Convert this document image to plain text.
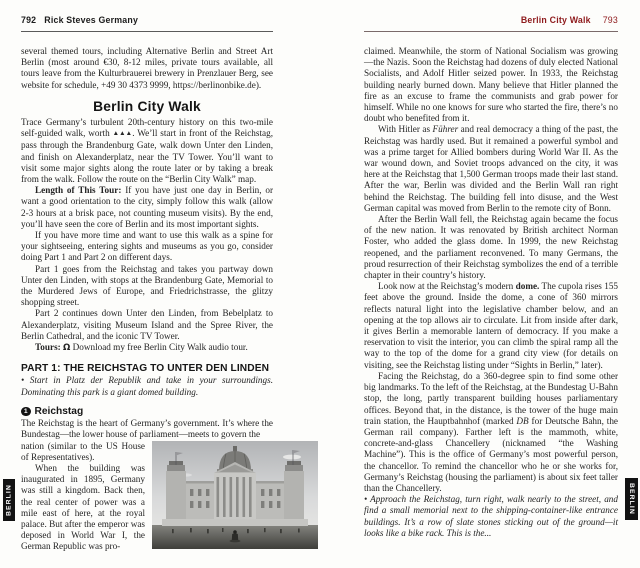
792 Rick Steves Germany

several themed tours, including Alternative Berlin and Street Art Berlin (most around €30, 8-12 miles, private tours available, all tours leave from the Kulturbrauerei brewery in Prenzlauer Berg, see website for schedule, +49 30 4373 9999, https://berlinonbike.de).

Berlin City Walk

Trace Germany’s turbulent 20th-century history on this two-mile self-guided walk, worth ▲▲▲. We’ll start in front of the Reichstag, pass through the Brandenburg Gate, walk down Unter den Linden, and finish on Alexanderplatz, near the TV Tower. You’ll want to visit some major sights along the route later or by taking a break from the walk. Follow the route on the “Berlin City Walk” map.

Length of This Tour: If you have just one day in Berlin, or want a good orientation to the city, simply follow this walk (allow 2-3 hours at a brisk pace, not counting museum visits). By the end, you’ll have seen the core of Berlin and its most important sights.

If you have more time and want to use this walk as a spine for your sightseeing, entering sights and museums as you go, consider doing Part 1 and Part 2 on different days.

Part 1 goes from the Reichstag and takes you partway down Unter den Linden, with stops at the Brandenburg Gate, Memorial to the Murdered Jews of Europe, and Friedrichstrasse, the glitzy shopping street.

Part 2 continues down Unter den Linden, from Bebelplatz to Alexanderplatz, visiting Museum Island and the Spree River, the Berlin Cathedral, and the iconic TV Tower.

Tours: Ω Download my free Berlin City Walk audio tour.

PART 1: THE REICHSTAG TO UNTER DEN LINDEN

• Start in Platz der Republik and take in your surroundings. Dominating this park is a giant domed building.

1 Reichstag

The Reichstag is the heart of Germany’s government. It’s where the Bundestag—the lower house of parliament—meets to govern the

nation (similar to the US House of Representatives).

When the building was inaugurated in 1895, Germany was still a kingdom. Back then, the real center of power was a mile east of here, at the royal palace. But after the emperor was deposed in World War I, the German Republic was pro-

Berlin City Walk 793

claimed. Meanwhile, the storm of National Socialism was growing—the Nazis. Soon the Reichstag had dozens of duly elected National Socialists, and Adolf Hitler seized power. In 1933, the Reichstag building nearly burned down. Many believe that Hitler planned the fire as an excuse to frame the communists and grab power for himself. While no one knows for sure who started the fire, there’s no doubt who benefited from it.

With Hitler as Führer and real democracy a thing of the past, the Reichstag was hardly used. But it remained a powerful symbol and was a prime target for Allied bombers during World War II. As the war wound down, and Soviet troops advanced on the city, it was here at the Reichstag that 1,500 German troops made their last stand. After the war, Berlin was divided and the Berlin Wall ran right behind the Reichstag. The building fell into disuse, and the West German capital was moved from Berlin to the remote city of Bonn.

After the Berlin Wall fell, the Reichstag again became the focus of the new nation. It was renovated by British architect Norman Foster, who added the glass dome. In 1999, the new Reichstag reopened, and the parliament reconvened. To many Germans, the proud resurrection of their Reichstag symbolizes the end of a terrible chapter in their country’s history.

Look now at the Reichstag’s modern dome. The cupola rises 155 feet above the ground. Inside the dome, a cone of 360 mirrors reflects natural light into the legislative chamber below, and an opening at the top allows air to circulate. Lit from inside after dark, it gives Berlin a memorable lantern of democracy. If you make a reservation to visit the interior, you can climb the spiral ramp all the way to the top of the dome for a grand city view (for details on visiting, see the Reichstag listing under “Sights in Berlin,” later).

Facing the Reichstag, do a 360-degree spin to find some other big landmarks. To the left of the Reichstag, at the Bundestag U-Bahn stop, the long, partly transparent building houses parliamentary offices. Beyond that, in the distance, is the tower of the huge main train station, the Hauptbahnhof (marked DB for Deutsche Bahn, the German rail company). Farther left is the mammoth, white, concrete-and-glass Chancellery (nicknamed “the Washing Machine”). This is the office of Germany’s most powerful person, the chancellor. To remind the chancellor who he or she works for, Germany’s Reichstag (housing the parliament) is about six feet taller than the Chancellery.

• Approach the Reichstag, turn right, walk nearly to the street, and find a small memorial next to the shipping-container-like entrance buildings. It’s a row of slate stones sticking out of the ground—it looks like a bike rack. This is the...

BERLIN	BERLIN
